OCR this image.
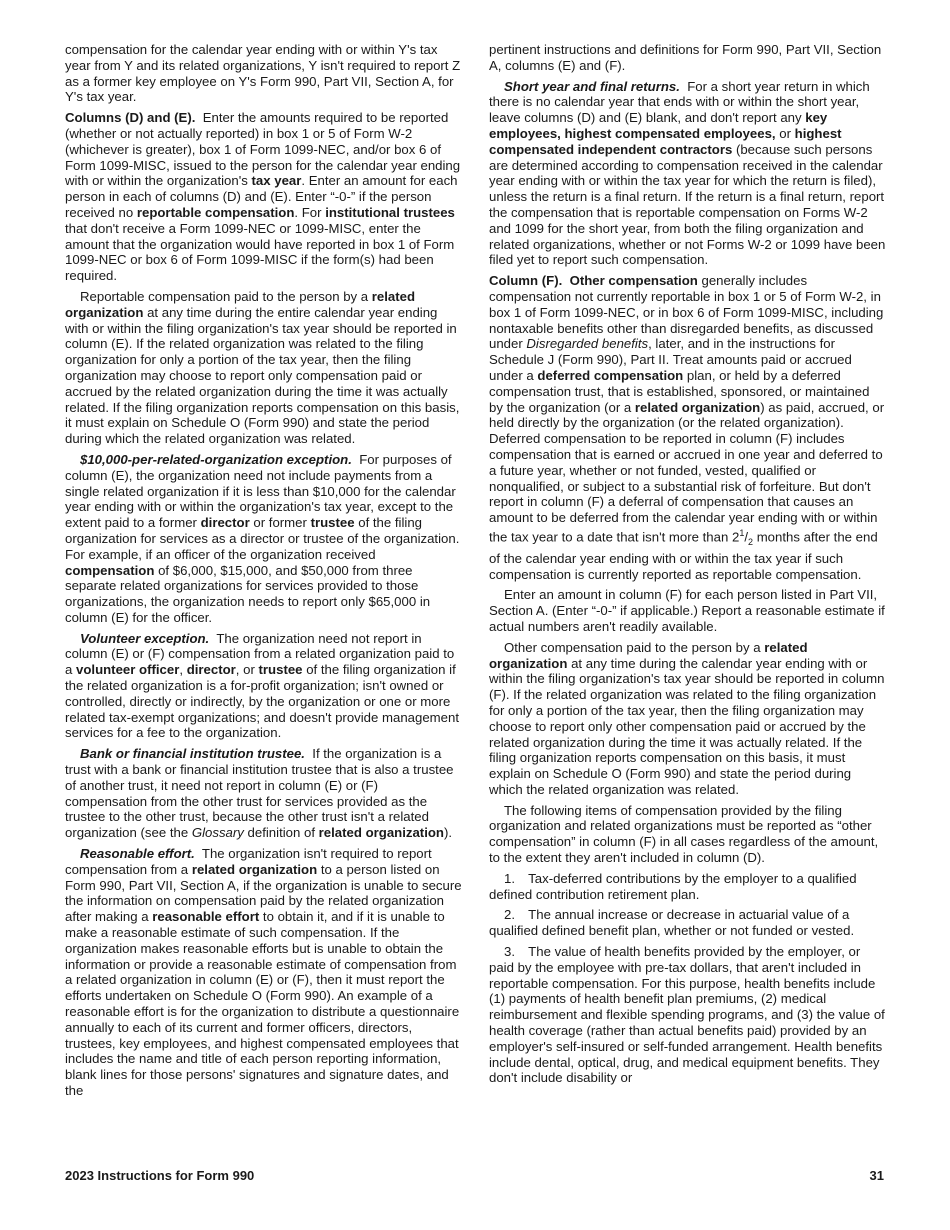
compensation for the calendar year ending with or within Y's tax year from Y and its related organizations, Y isn't required to report Z as a former key employee on Y's Form 990, Part VII, Section A, for Y's tax year.

Columns (D) and (E). Enter the amounts required to be reported (whether or not actually reported) in box 1 or 5 of Form W-2 (whichever is greater), box 1 of Form 1099-NEC, and/or box 6 of Form 1099-MISC, issued to the person for the calendar year ending with or within the organization's tax year. Enter an amount for each person in each of columns (D) and (E). Enter “-0-” if the person received no reportable compensation. For institutional trustees that don't receive a Form 1099-NEC or 1099-MISC, enter the amount that the organization would have reported in box 1 of Form 1099-NEC or box 6 of Form 1099-MISC if the form(s) had been required.

Reportable compensation paid to the person by a related organization at any time during the entire calendar year ending with or within the filing organization's tax year should be reported in column (E). If the related organization was related to the filing organization for only a portion of the tax year, then the filing organization may choose to report only compensation paid or accrued by the related organization during the time it was actually related. If the filing organization reports compensation on this basis, it must explain on Schedule O (Form 990) and state the period during which the related organization was related.

$10,000-per-related-organization exception. For purposes of column (E), the organization need not include payments from a single related organization if it is less than $10,000 for the calendar year ending with or within the organization's tax year, except to the extent paid to a former director or former trustee of the filing organization for services as a director or trustee of the organization. For example, if an officer of the organization received compensation of $6,000, $15,000, and $50,000 from three separate related organizations for services provided to those organizations, the organization needs to report only $65,000 in column (E) for the officer.

Volunteer exception. The organization need not report in column (E) or (F) compensation from a related organization paid to a volunteer officer, director, or trustee of the filing organization if the related organization is a for-profit organization; isn't owned or controlled, directly or indirectly, by the organization or one or more related tax-exempt organizations; and doesn't provide management services for a fee to the organization.

Bank or financial institution trustee. If the organization is a trust with a bank or financial institution trustee that is also a trustee of another trust, it need not report in column (E) or (F) compensation from the other trust for services provided as the trustee to the other trust, because the other trust isn't a related organization (see the Glossary definition of related organization).

Reasonable effort. The organization isn't required to report compensation from a related organization to a person listed on Form 990, Part VII, Section A, if the organization is unable to secure the information on compensation paid by the related organization after making a reasonable effort to obtain it, and if it is unable to make a reasonable estimate of such compensation. If the organization makes reasonable efforts but is unable to obtain the information or provide a reasonable estimate of compensation from a related organization in column (E) or (F), then it must report the efforts undertaken on Schedule O (Form 990). An example of a reasonable effort is for the organization to distribute a questionnaire annually to each of its current and former officers, directors, trustees, key employees, and highest compensated employees that includes the name and title of each person reporting information, blank lines for those persons' signatures and signature dates, and the

pertinent instructions and definitions for Form 990, Part VII, Section A, columns (E) and (F).

Short year and final returns. For a short year return in which there is no calendar year that ends with or within the short year, leave columns (D) and (E) blank, and don't report any key employees, highest compensated employees, or highest compensated independent contractors (because such persons are determined according to compensation received in the calendar year ending with or within the tax year for which the return is filed), unless the return is a final return. If the return is a final return, report the compensation that is reportable compensation on Forms W-2 and 1099 for the short year, from both the filing organization and related organizations, whether or not Forms W-2 or 1099 have been filed yet to report such compensation.

Column (F). Other compensation generally includes compensation not currently reportable in box 1 or 5 of Form W-2, in box 1 of Form 1099-NEC, or in box 6 of Form 1099-MISC, including nontaxable benefits other than disregarded benefits, as discussed under Disregarded benefits, later, and in the instructions for Schedule J (Form 990), Part II. Treat amounts paid or accrued under a deferred compensation plan, or held by a deferred compensation trust, that is established, sponsored, or maintained by the organization (or a related organization) as paid, accrued, or held directly by the organization (or the related organization). Deferred compensation to be reported in column (F) includes compensation that is earned or accrued in one year and deferred to a future year, whether or not funded, vested, qualified or nonqualified, or subject to a substantial risk of forfeiture. But don't report in column (F) a deferral of compensation that causes an amount to be deferred from the calendar year ending with or within the tax year to a date that isn't more than $2^1/_2$ months after the end of the calendar year ending with or within the tax year if such compensation is currently reported as reportable compensation.

Enter an amount in column (F) for each person listed in Part VII, Section A. (Enter “-0-” if applicable.) Report a reasonable estimate if actual numbers aren't readily available.

Other compensation paid to the person by a related organization at any time during the calendar year ending with or within the filing organization's tax year should be reported in column (F). If the related organization was related to the filing organization for only a portion of the tax year, then the filing organization may choose to report only other compensation paid or accrued by the related organization during the time it was actually related. If the filing organization reports compensation on this basis, it must explain on Schedule O (Form 990) and state the period during which the related organization was related.

The following items of compensation provided by the filing organization and related organizations must be reported as “other compensation” in column (F) in all cases regardless of the amount, to the extent they aren't included in column (D).

1. Tax-deferred contributions by the employer to a qualified defined contribution retirement plan.

2. The annual increase or decrease in actuarial value of a qualified defined benefit plan, whether or not funded or vested.

3. The value of health benefits provided by the employer, or paid by the employee with pre-tax dollars, that aren't included in reportable compensation. For this purpose, health benefits include (1) payments of health benefit plan premiums, (2) medical reimbursement and flexible spending programs, and (3) the value of health coverage (rather than actual benefits paid) provided by an employer's self-insured or self-funded arrangement. Health benefits include dental, optical, drug, and medical equipment benefits. They don't include disability or

2023 Instructions for Form 990	31
